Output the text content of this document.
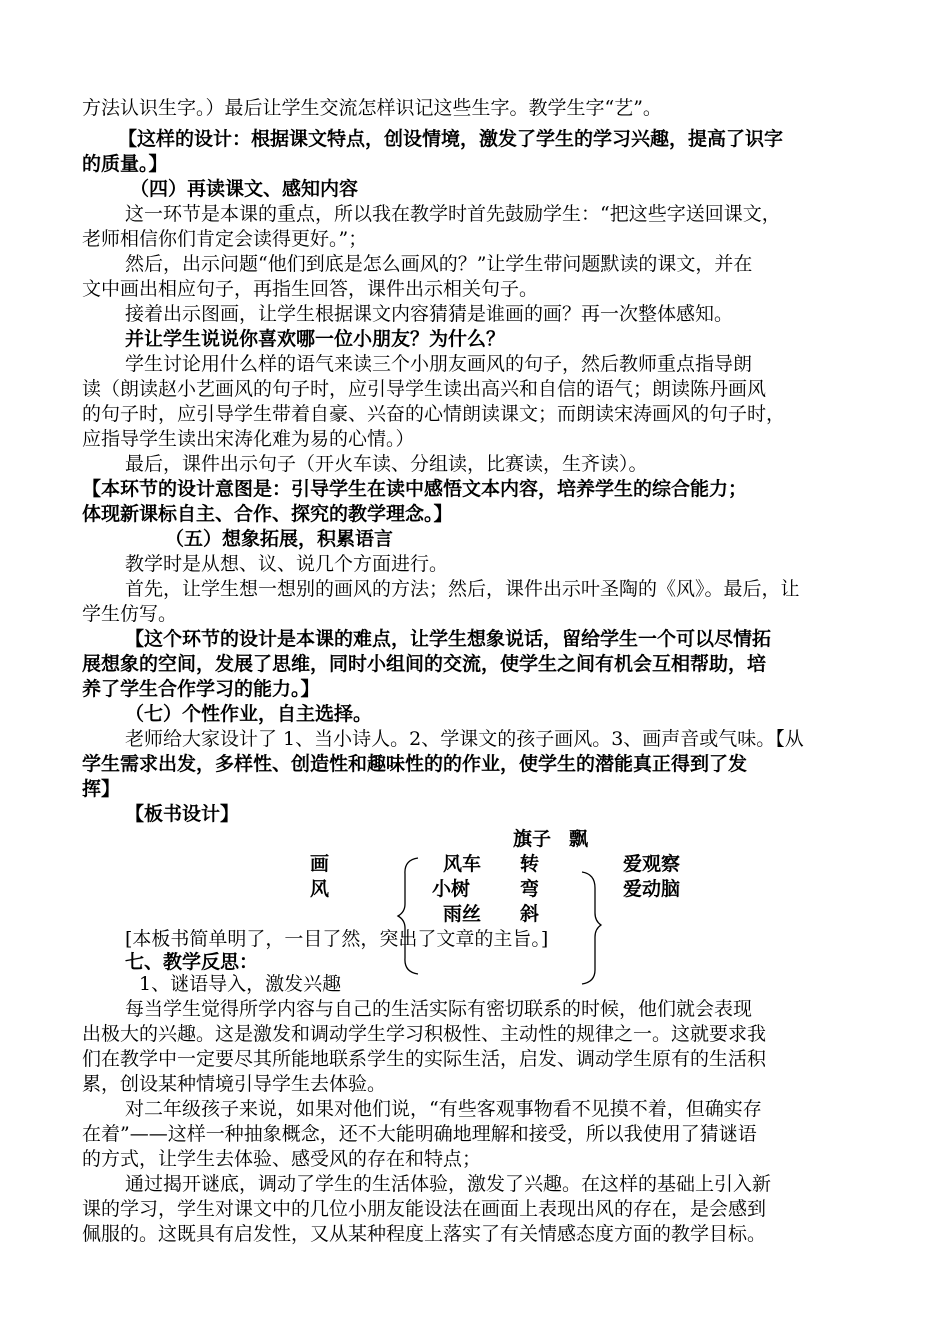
方法认识生字。）最后让学生交流怎样识记这些生字。教学生字“艺”。
【这样的设计：根据课文特点，创设情境，激发了学生的学习兴趣，提高了识字
的质量。】
（四）再读课文、感知内容
这一环节是本课的重点，所以我在教学时首先鼓励学生：“把这些字送回课文，
老师相信你们肯定会读得更好。”；
然后，出示问题“他们到底是怎么画风的？”让学生带问题默读的课文，并在
文中画出相应句子，再指生回答，课件出示相关句子。
接着出示图画，让学生根据课文内容猜猜是谁画的画？再一次整体感知。
并让学生说说你喜欢哪一位小朋友？为什么？
学生讨论用什么样的语气来读三个小朋友画风的句子，然后教师重点指导朗
读（朗读赵小艺画风的句子时，应引导学生读出高兴和自信的语气；朗读陈丹画风
的句子时，应引导学生带着自豪、兴奋的心情朗读课文；而朗读宋涛画风的句子时，
应指导学生读出宋涛化难为易的心情。）
最后，课件出示句子（开火车读、分组读，比赛读，生齐读）。
【本环节的设计意图是：引导学生在读中感悟文本内容，培养学生的综合能力；
体现新课标自主、合作、探究的教学理念。】
（五）想象拓展，积累语言
教学时是从想、议、说几个方面进行。
首先，让学生想一想别的画风的方法；然后，课件出示叶圣陶的《风》。最后，让
学生仿写。
【这个环节的设计是本课的难点，让学生想象说话，留给学生一个可以尽情拓
展想象的空间，发展了思维，同时小组间的交流，使学生之间有机会互相帮助，培
养了学生合作学习的能力。】
（七）个性作业，自主选择。
老师给大家设计了 1、当小诗人。2、学课文的孩子画风。3、画声音或气味。【从
学生需求出发，多样性、创造性和趣味性的的作业，使学生的潜能真正得到了发
挥】
【板书设计】
旗子 飘
画	风车 转	爱观察
风	小树	弯	爱动脑
雨丝 斜
[本板书简单明了，一目了然，突出了文章的主旨。]
七、教学反思：
1、谜语导入，激发兴趣
每当学生觉得所学内容与自己的生活实际有密切联系的时候，他们就会表现
出极大的兴趣。这是激发和调动学生学习积极性、主动性的规律之一。这就要求我
们在教学中一定要尽其所能地联系学生的实际生活，启发、调动学生原有的生活积
累，创设某种情境引导学生去体验。
对二年级孩子来说，如果对他们说，“有些客观事物看不见摸不着，但确实存
在着”——这样一种抽象概念，还不大能明确地理解和接受，所以我使用了猜谜语
的方式，让学生去体验、感受风的存在和特点；
通过揭开谜底，调动了学生的生活体验，激发了兴趣。在这样的基础上引入新
课的学习，学生对课文中的几位小朋友能设法在画面上表现出风的存在，是会感到
佩服的。这既具有启发性，又从某种程度上落实了有关情感态度方面的教学目标。
